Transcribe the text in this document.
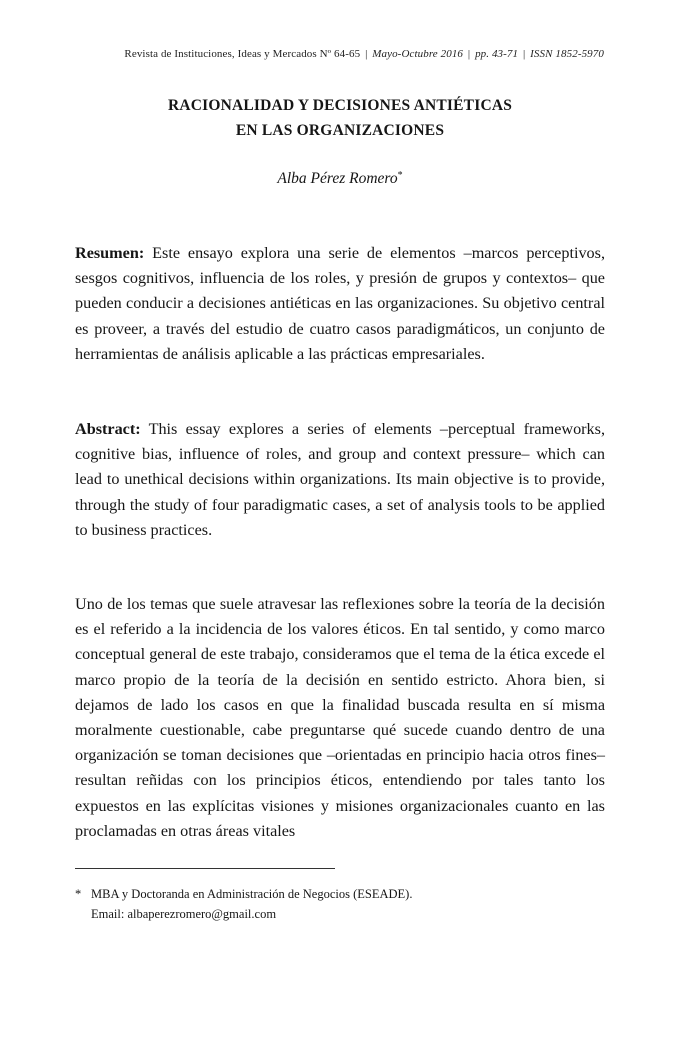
Revista de Instituciones, Ideas y Mercados Nº 64-65 | Mayo-Octubre 2016 | pp. 43-71 | ISSN 1852-5970
RACIONALIDAD Y DECISIONES ANTIÉTICAS
EN LAS ORGANIZACIONES
Alba Pérez Romero*
Resumen: Este ensayo explora una serie de elementos –marcos perceptivos, sesgos cognitivos, influencia de los roles, y presión de grupos y contextos– que pueden conducir a decisiones antiéticas en las organizaciones. Su objetivo central es proveer, a través del estudio de cuatro casos paradigmáticos, un conjunto de herramientas de análisis aplicable a las prácticas empresariales.
Abstract: This essay explores a series of elements –perceptual frameworks, cognitive bias, influence of roles, and group and context pressure– which can lead to unethical decisions within organizations. Its main objective is to provide, through the study of four paradigmatic cases, a set of analysis tools to be applied to business practices.
Uno de los temas que suele atravesar las reflexiones sobre la teoría de la decisión es el referido a la incidencia de los valores éticos. En tal sentido, y como marco conceptual general de este trabajo, consideramos que el tema de la ética excede el marco propio de la teoría de la decisión en sentido estricto. Ahora bien, si dejamos de lado los casos en que la finalidad buscada resulta en sí misma moralmente cuestionable, cabe preguntarse qué sucede cuando dentro de una organización se toman decisiones que –orientadas en principio hacia otros fines– resultan reñidas con los principios éticos, entendiendo por tales tanto los expuestos en las explícitas visiones y misiones organizacionales cuanto en las proclamadas en otras áreas vitales
* MBA y Doctoranda en Administración de Negocios (ESEADE).
Email: albaperezromero@gmail.com
